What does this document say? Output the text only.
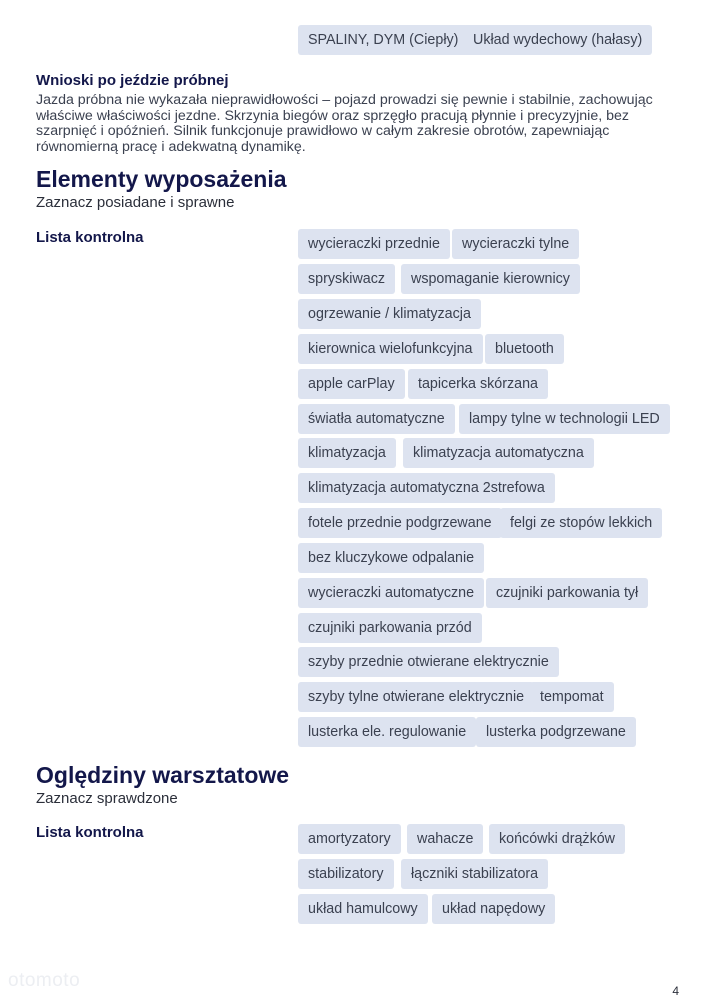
SPALINY, DYM (Ciepły)	Układ wydechowy (hałasy)
Wnioski po jeździe próbnej

Jazda próbna nie wykazała nieprawidłowości – pojazd prowadzi się pewnie i stabilnie, zachowując właściwe właściwości jezdne. Skrzynia biegów oraz sprzęgło pracują płynnie i precyzyjnie, bez szarpnięć i opóźnień. Silnik funkcjonuje prawidłowo w całym zakresie obrotów, zapewniając równomierną pracę i adekwatną dynamikę.

Elementy wyposażenia
Zaznacz posiadane i sprawne
Lista kontrolna	wycieraczki przednie	wycieraczki tylne
spryskiwacz	wspomaganie kierownicy
ogrzewanie / klimatyzacja
kierownica wielofunkcyjna	bluetooth
apple carPlay	tapicerka skórzana
światła automatyczne	lampy tylne w technologii LED
klimatyzacja	klimatyzacja automatyczna
klimatyzacja automatyczna 2strefowa
fotele przednie podgrzewane	felgi ze stopów lekkich
bez kluczykowe odpalanie
wycieraczki automatyczne	czujniki parkowania tył
czujniki parkowania przód
szyby przednie otwierane elektrycznie
szyby tylne otwierane elektrycznie	tempomat
lusterka ele. regulowanie	lusterka podgrzewane
Oględziny warsztatowe
Zaznacz sprawdzone
Lista kontrolna	amortyzatory	wahacze	końcówki drążków
stabilizatory	łączniki stabilizatora
układ hamulcowy	układ napędowy
otomoto	4
